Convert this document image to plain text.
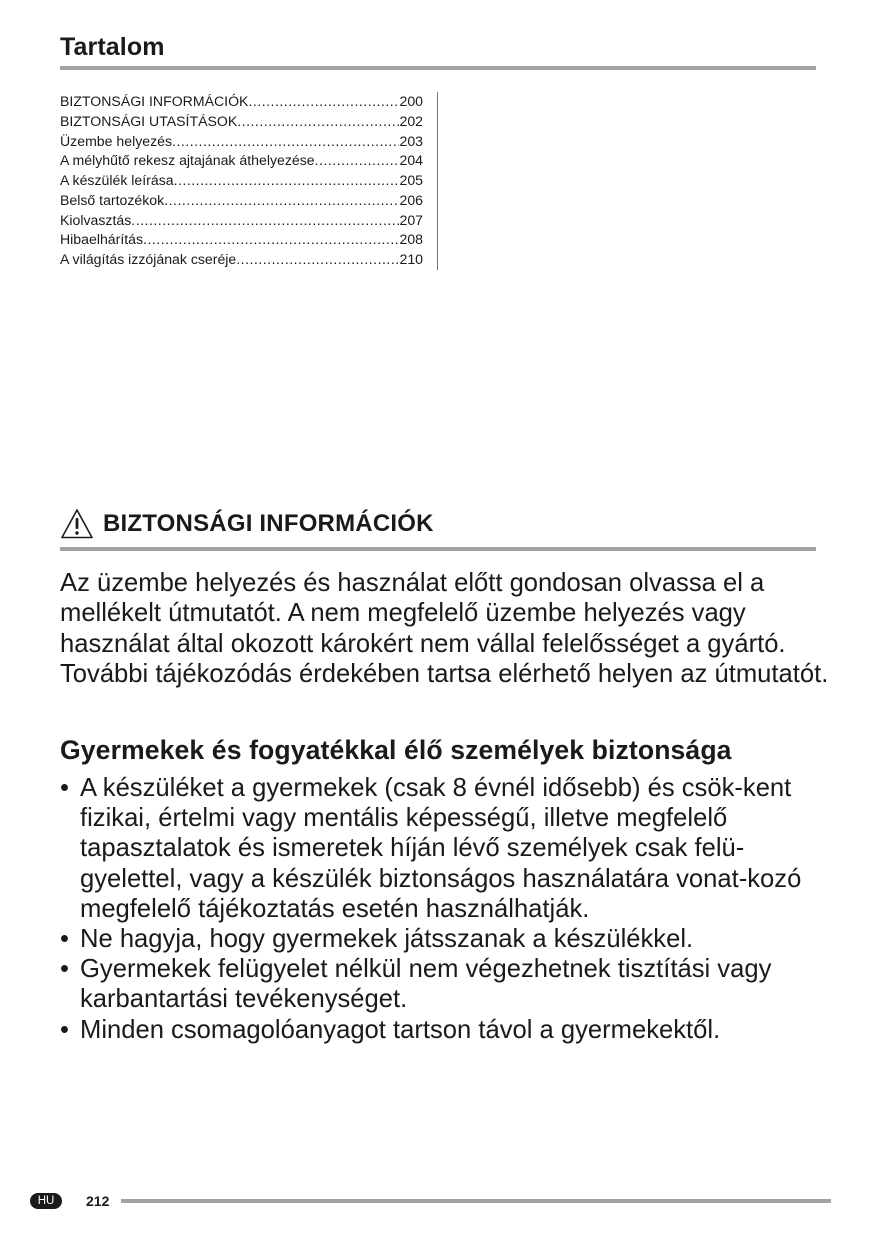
Tartalom
BIZTONSÁGI INFORMÁCIÓK .....	200
BIZTONSÁGI UTASÍTÁSOK .....	202
Üzembe helyezés .....	203
A mélyhűtő rekesz ajtajának áthelyezése .....	204
A készülék leírása .....	205
Belső tartozékok .....	206
Kiolvasztás .....	207
Hibaelhárítás .....	208
A világítás izzójának cseréje .....	210
BIZTONSÁGI INFORMÁCIÓK

Az üzembe helyezés és használat előtt gondosan olvassa el a mellékelt útmutatót. A nem megfelelő üzembe helyezés vagy használat által okozott károkért nem vállal felelősséget a gyártó. További tájékozódás érdekében tartsa elérhető helyen az útmutatót.

Gyermekek és fogyatékkal élő személyek biztonsága
• A készüléket a gyermekek (csak 8 évnél idősebb) és csök-kent fizikai, értelmi vagy mentális képességű, illetve megfelelő tapasztalatok és ismeretek híján lévő személyek csak felü-gyelettel, vagy a készülék biztonságos használatára vonat-kozó megfelelő tájékoztatás esetén használhatják.
• Ne hagyja, hogy gyermekek játsszanak a készülékkel.
• Gyermekek felügyelet nélkül nem végezhetnek tisztítási vagy karbantartási tevékenységet.
• Minden csomagolóanyagot tartson távol a gyermekektől.
HU	212
